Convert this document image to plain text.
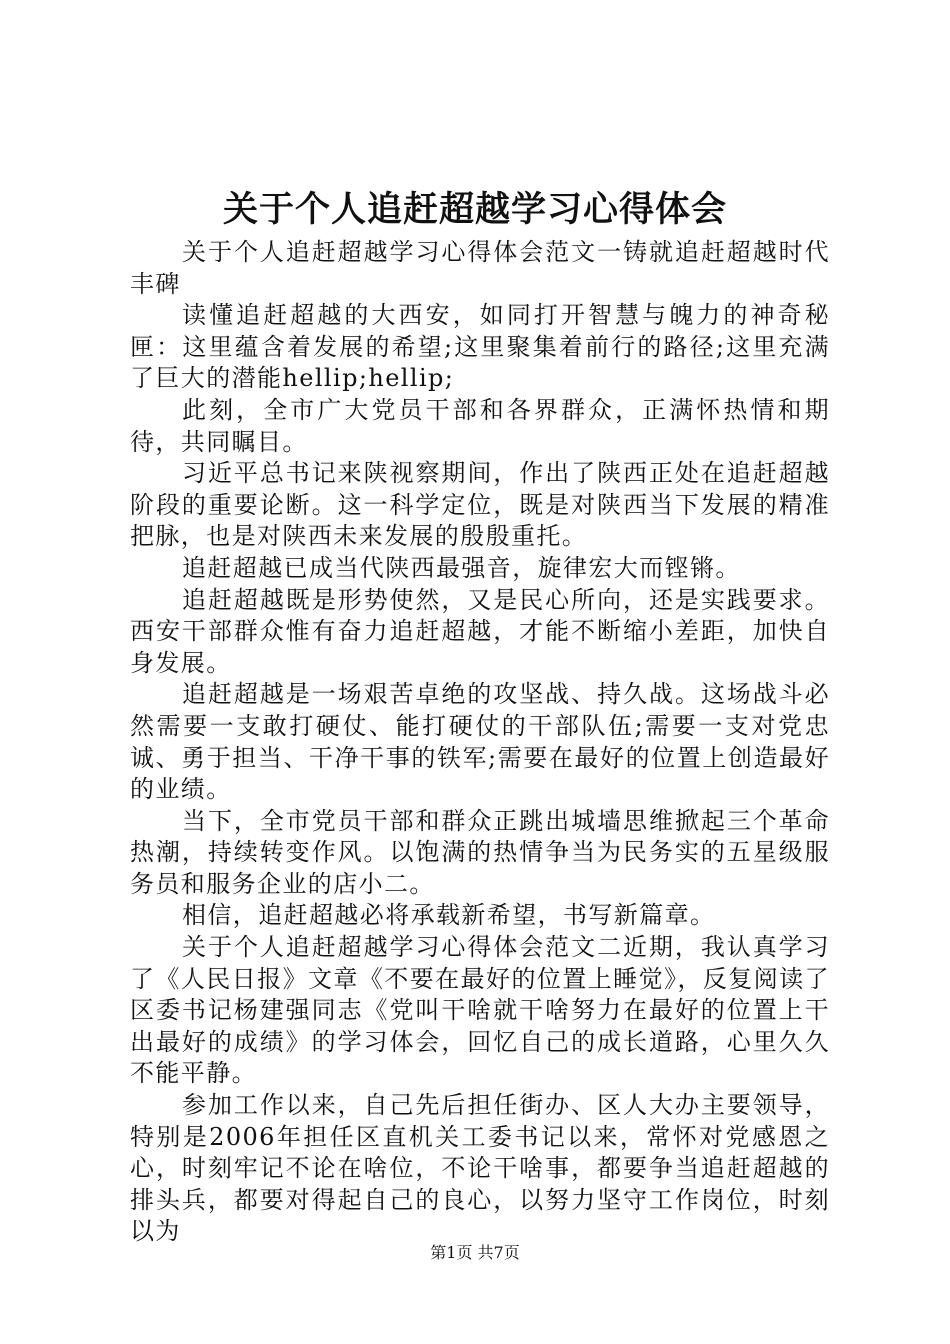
关于个人追赶超越学习心得体会

关于个人追赶超越学习心得体会范文一铸就追赶超越时代丰碑

读懂追赶超越的大西安，如同打开智慧与魄力的神奇秘匣：这里蕴含着发展的希望;这里聚集着前行的路径;这里充满了巨大的潜能hellip;hellip;

此刻，全市广大党员干部和各界群众，正满怀热情和期待，共同瞩目。

习近平总书记来陕视察期间，作出了陕西正处在追赶超越阶段的重要论断。这一科学定位，既是对陕西当下发展的精准把脉，也是对陕西未来发展的殷殷重托。

追赶超越已成当代陕西最强音，旋律宏大而铿锵。

追赶超越既是形势使然，又是民心所向，还是实践要求。西安干部群众惟有奋力追赶超越，才能不断缩小差距，加快自身发展。

追赶超越是一场艰苦卓绝的攻坚战、持久战。这场战斗必然需要一支敢打硬仗、能打硬仗的干部队伍;需要一支对党忠诚、勇于担当、干净干事的铁军;需要在最好的位置上创造最好的业绩。

当下，全市党员干部和群众正跳出城墙思维掀起三个革命热潮，持续转变作风。以饱满的热情争当为民务实的五星级服务员和服务企业的店小二。

相信，追赶超越必将承载新希望，书写新篇章。

关于个人追赶超越学习心得体会范文二近期，我认真学习了《人民日报》文章《不要在最好的位置上睡觉》，反复阅读了区委书记杨建强同志《党叫干啥就干啥努力在最好的位置上干出最好的成绩》的学习体会，回忆自己的成长道路，心里久久不能平静。

参加工作以来，自己先后担任街办、区人大办主要领导，特别是2006年担任区直机关工委书记以来，常怀对党感恩之心，时刻牢记不论在啥位，不论干啥事，都要争当追赶超越的排头兵，都要对得起自己的良心，以努力坚守工作岗位，时刻以为

第1页 共7页
